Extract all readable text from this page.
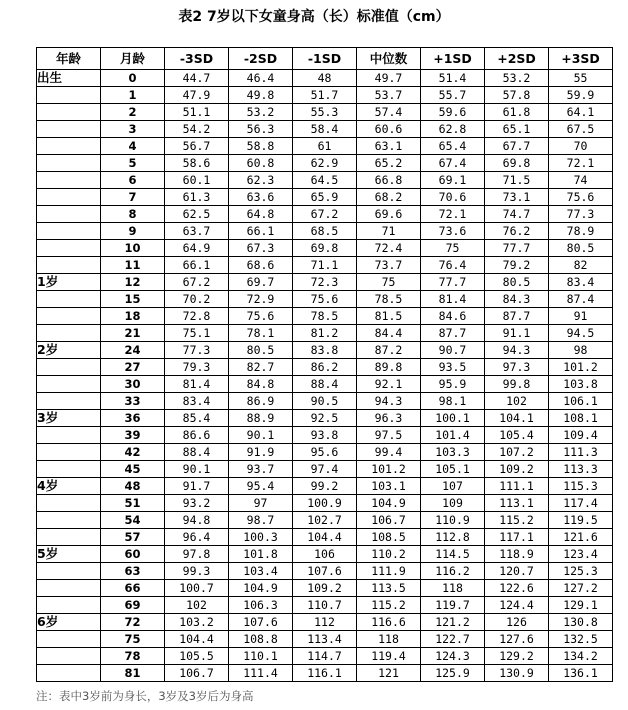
表2 7岁以下女童身高（长）标准值（cm）
年龄	月龄	-3SD	-2SD	-1SD	中位数	+1SD	+2SD	+3SD
出生	0	44.7	46.4	48	49.7	51.4	53.2	55
	1	47.9	49.8	51.7	53.7	55.7	57.8	59.9
	2	51.1	53.2	55.3	57.4	59.6	61.8	64.1
	3	54.2	56.3	58.4	60.6	62.8	65.1	67.5
	4	56.7	58.8	61	63.1	65.4	67.7	70
	5	58.6	60.8	62.9	65.2	67.4	69.8	72.1
	6	60.1	62.3	64.5	66.8	69.1	71.5	74
	7	61.3	63.6	65.9	68.2	70.6	73.1	75.6
	8	62.5	64.8	67.2	69.6	72.1	74.7	77.3
	9	63.7	66.1	68.5	71	73.6	76.2	78.9
	10	64.9	67.3	69.8	72.4	75	77.7	80.5
	11	66.1	68.6	71.1	73.7	76.4	79.2	82
1岁	12	67.2	69.7	72.3	75	77.7	80.5	83.4
	15	70.2	72.9	75.6	78.5	81.4	84.3	87.4
	18	72.8	75.6	78.5	81.5	84.6	87.7	91
	21	75.1	78.1	81.2	84.4	87.7	91.1	94.5
2岁	24	77.3	80.5	83.8	87.2	90.7	94.3	98
	27	79.3	82.7	86.2	89.8	93.5	97.3	101.2
	30	81.4	84.8	88.4	92.1	95.9	99.8	103.8
	33	83.4	86.9	90.5	94.3	98.1	102	106.1
3岁	36	85.4	88.9	92.5	96.3	100.1	104.1	108.1
	39	86.6	90.1	93.8	97.5	101.4	105.4	109.4
	42	88.4	91.9	95.6	99.4	103.3	107.2	111.3
	45	90.1	93.7	97.4	101.2	105.1	109.2	113.3
4岁	48	91.7	95.4	99.2	103.1	107	111.1	115.3
	51	93.2	97	100.9	104.9	109	113.1	117.4
	54	94.8	98.7	102.7	106.7	110.9	115.2	119.5
	57	96.4	100.3	104.4	108.5	112.8	117.1	121.6
5岁	60	97.8	101.8	106	110.2	114.5	118.9	123.4
	63	99.3	103.4	107.6	111.9	116.2	120.7	125.3
	66	100.7	104.9	109.2	113.5	118	122.6	127.2
	69	102	106.3	110.7	115.2	119.7	124.4	129.1
6岁	72	103.2	107.6	112	116.6	121.2	126	130.8
	75	104.4	108.8	113.4	118	122.7	127.6	132.5
	78	105.5	110.1	114.7	119.4	124.3	129.2	134.2
	81	106.7	111.4	116.1	121	125.9	130.9	136.1
注：表中3岁前为身长，3岁及3岁后为身高
